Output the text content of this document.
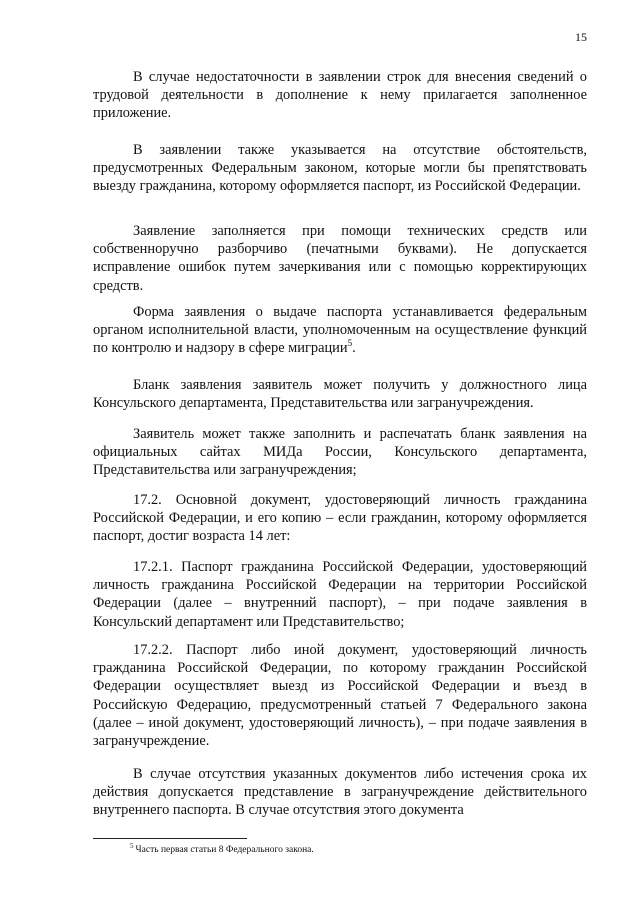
15

В случае недостаточности в заявлении строк для внесения сведений о трудовой деятельности в дополнение к нему прилагается заполненное приложение.

В заявлении также указывается на отсутствие обстоятельств, предусмотренных Федеральным законом, которые могли бы препятствовать выезду гражданина, которому оформляется паспорт, из Российской Федерации.

Заявление заполняется при помощи технических средств или собственноручно разборчиво (печатными буквами). Не допускается исправление ошибок путем зачеркивания или с помощью корректирующих средств.

Форма заявления о выдаче паспорта устанавливается федеральным органом исполнительной власти, уполномоченным на осуществление функций по контролю и надзору в сфере миграции$^5$.

Бланк заявления заявитель может получить у должностного лица Консульского департамента, Представительства или загранучреждения.

Заявитель может также заполнить и распечатать бланк заявления на официальных сайтах МИДа России, Консульского департамента, Представительства или загранучреждения;

17.2. Основной документ, удостоверяющий личность гражданина Российской Федерации, и его копию – если гражданин, которому оформляется паспорт, достиг возраста 14 лет:

17.2.1. Паспорт гражданина Российской Федерации, удостоверяющий личность гражданина Российской Федерации на территории Российской Федерации (далее – внутренний паспорт), – при подаче заявления в Консульский департамент или Представительство;

17.2.2. Паспорт либо иной документ, удостоверяющий личность гражданина Российской Федерации, по которому гражданин Российской Федерации осуществляет выезд из Российской Федерации и въезд в Российскую Федерацию, предусмотренный статьей 7 Федерального закона (далее – иной документ, удостоверяющий личность), – при подаче заявления в загранучреждение.

В случае отсутствия указанных документов либо истечения срока их действия допускается представление в загранучреждение действительного внутреннего паспорта. В случае отсутствия этого документа

$^5$ Часть первая статьи 8 Федерального закона.
